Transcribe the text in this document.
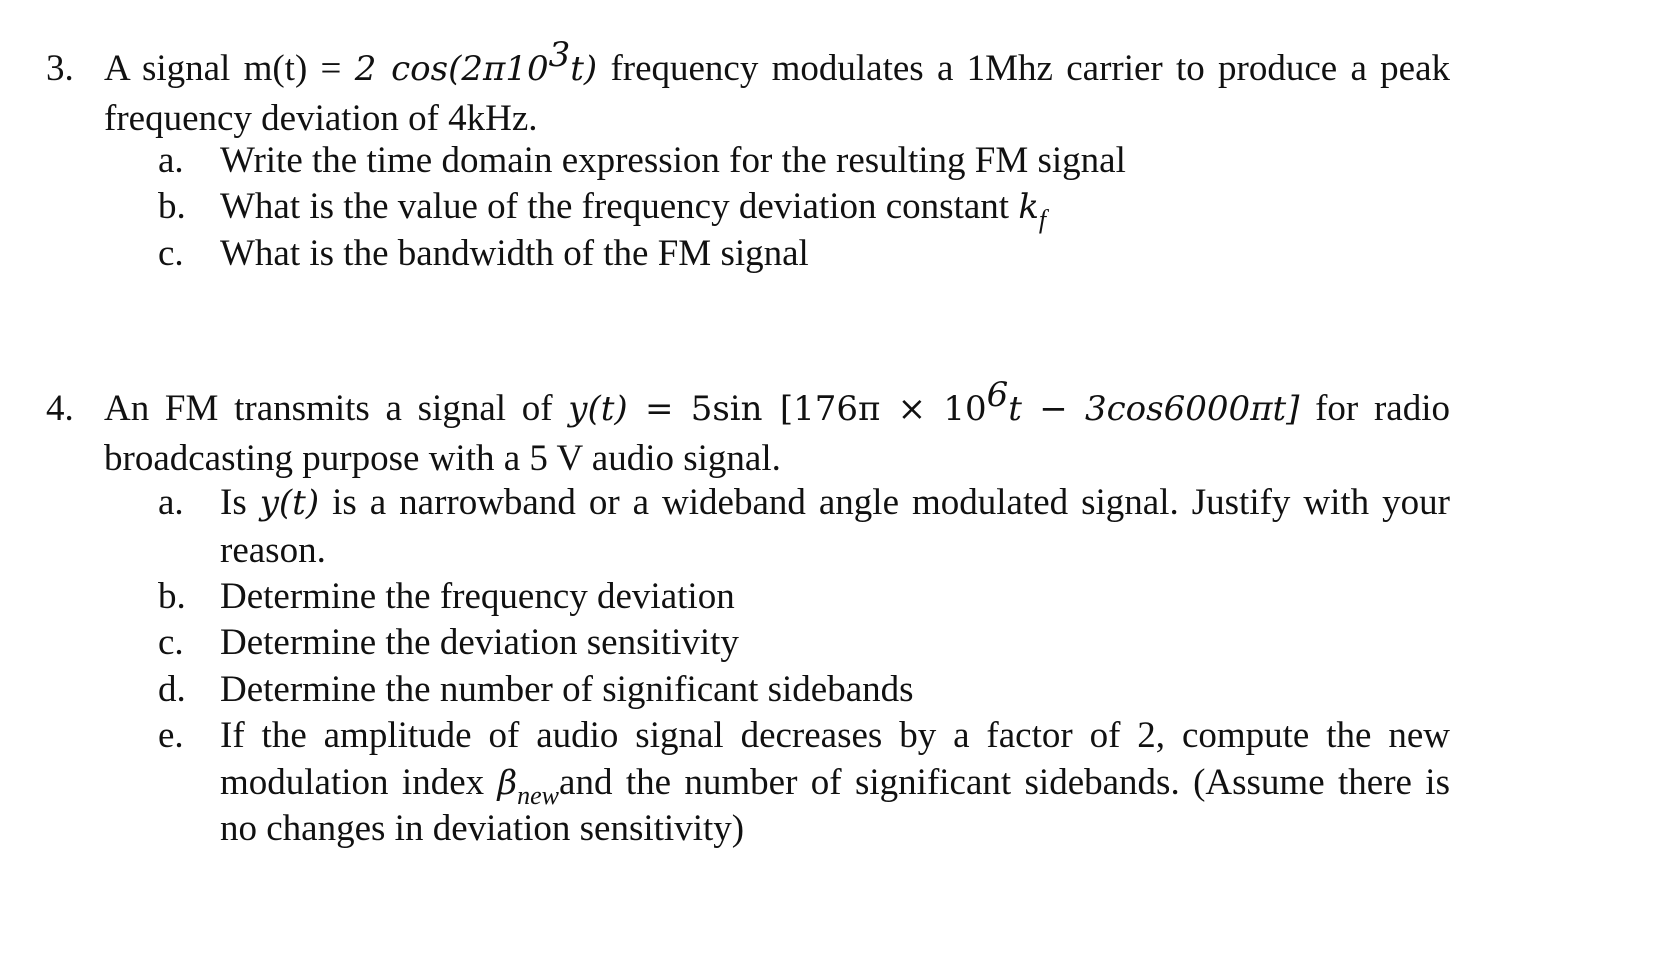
3. A signal m(t) = 2 $\cos(2\pi 10^3t)$ frequency modulates a 1Mhz carrier to produce a peak
frequency deviation of 4kHz.
a. Write the time domain expression for the resulting FM signal
b. What is the value of the frequency deviation constant $k_f$
c. What is the bandwidth of the FM signal
4. An FM transmits a signal of y(t) = 5sin $[176\pi \times 10^6t - 3\cos 6000\pi t]$ for radio
broadcasting purpose with a 5 V audio signal.
a. Is y(t) is a narrowband or a wideband angle modulated signal. Justify with your
reason.
b. Determine the frequency deviation
c. Determine the deviation sensitivity
d. Determine the number of significant sidebands
e. If the amplitude of audio signal decreases by a factor of 2, compute the new
modulation index $\beta_{new}and$ the number of significant sidebands. (Assume there is
no changes in deviation sensitivity)
